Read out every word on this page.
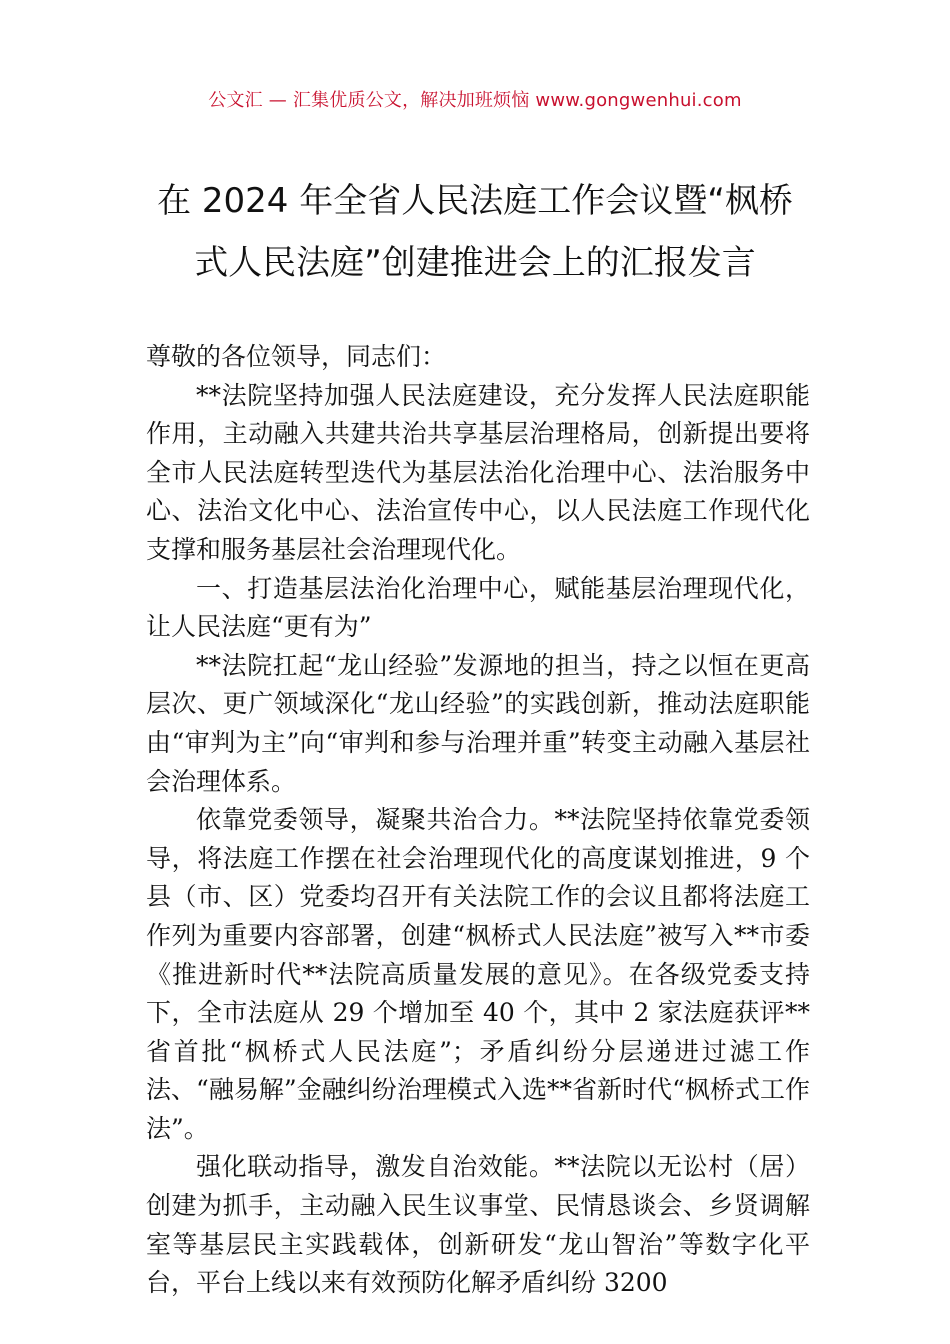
公文汇 — 汇集优质公文，解决加班烦恼 www.gongwenhui.com
在 2024 年全省人民法庭工作会议暨“枫桥
式人民法庭”创建推进会上的汇报发言

尊敬的各位领导，同志们：

**法院坚持加强人民法庭建设，充分发挥人民法庭职能作用，主动融入共建共治共享基层治理格局，创新提出要将全市人民法庭转型迭代为基层法治化治理中心、法治服务中心、法治文化中心、法治宣传中心，以人民法庭工作现代化支撑和服务基层社会治理现代化。

一、打造基层法治化治理中心，赋能基层治理现代化，让人民法庭“更有为”

**法院扛起“龙山经验”发源地的担当，持之以恒在更高层次、更广领域深化“龙山经验”的实践创新，推动法庭职能由“审判为主”向“审判和参与治理并重”转变主动融入基层社会治理体系。

依靠党委领导，凝聚共治合力。**法院坚持依靠党委领导，将法庭工作摆在社会治理现代化的高度谋划推进，9 个县（市、区）党委均召开有关法院工作的会议且都将法庭工作列为重要内容部署，创建“枫桥式人民法庭”被写入**市委《推进新时代**法院高质量发展的意见》。在各级党委支持下，全市法庭从 29 个增加至 40 个，其中 2 家法庭获评**省首批“枫桥式人民法庭”；矛盾纠纷分层递进过滤工作法、“融易解”金融纠纷治理模式入选**省新时代“枫桥式工作法”。

强化联动指导，激发自治效能。**法院以无讼村（居）创建为抓手，主动融入民生议事堂、民情恳谈会、乡贤调解室等基层民主实践载体，创新研发“龙山智治”等数字化平台，平台上线以来有效预防化解矛盾纠纷 3200
